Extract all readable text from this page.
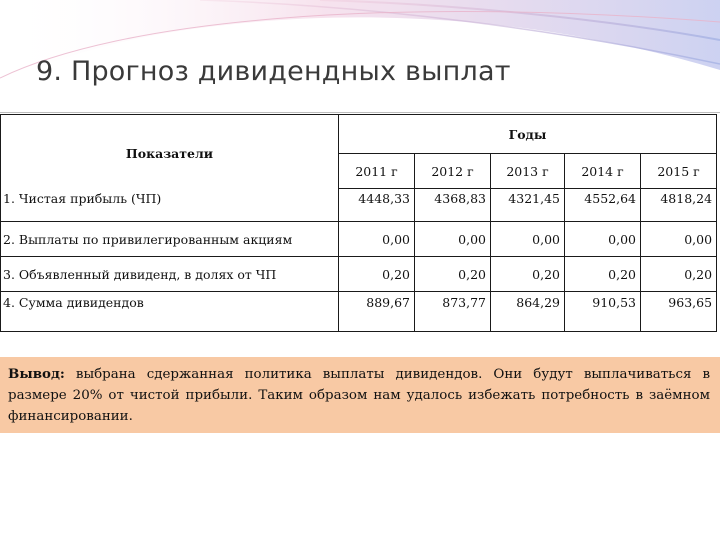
9. Прогноз дивидендных выплат
Показатели	Годы				
	2011 г	2012 г	2013 г	2014 г	2015 г
1. Чистая прибыль (ЧП)	4448,33	4368,83	4321,45	4552,64	4818,24
2. Выплаты по привилегированным акциям	0,00	0,00	0,00	0,00	0,00
3. Объявленный дивиденд, в долях от ЧП	0,20	0,20	0,20	0,20	0,20
4. Сумма дивидендов	889,67	873,77	864,29	910,53	963,65
Вывод: выбрана сдержанная политика выплаты дивидендов. Они будут выплачиваться в размере 20% от чистой прибыли. Таким образом нам удалось избежать потребность в заёмном финансировании.
